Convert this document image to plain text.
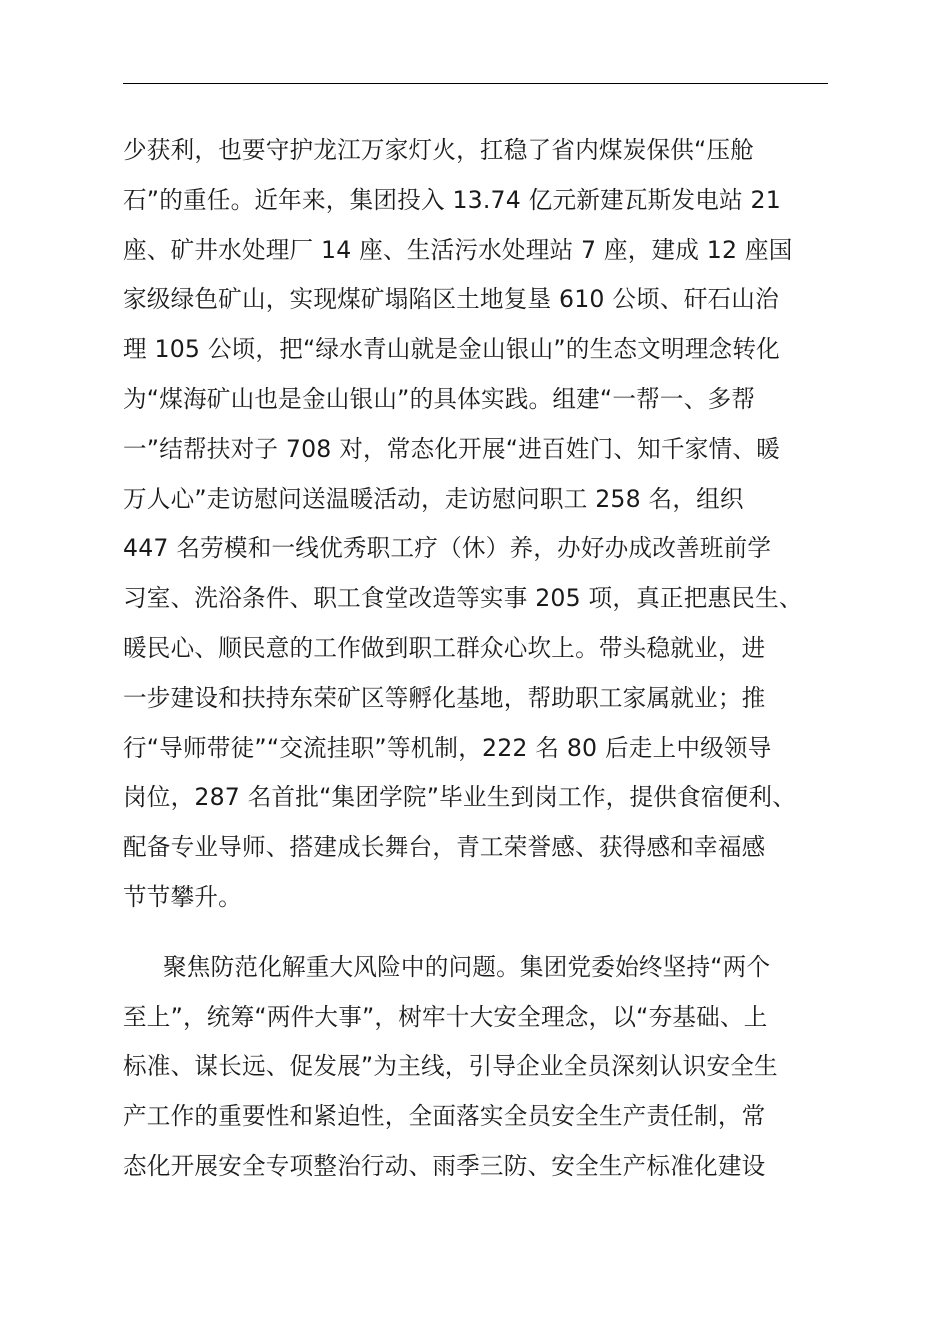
少获利，也要守护龙江万家灯火，扛稳了省内煤炭保供“压舱
石”的重任。近年来，集团投入 13.74 亿元新建瓦斯发电站 21
座、矿井水处理厂 14 座、生活污水处理站 7 座，建成 12 座国
家级绿色矿山，实现煤矿塌陷区土地复垦 610 公顷、矸石山治
理 105 公顷，把“绿水青山就是金山银山”的生态文明理念转化
为“煤海矿山也是金山银山”的具体实践。组建“一帮一、多帮
一”结帮扶对子 708 对，常态化开展“进百姓门、知千家情、暖
万人心”走访慰问送温暖活动，走访慰问职工 258 名，组织
447 名劳模和一线优秀职工疗（休）养，办好办成改善班前学
习室、洗浴条件、职工食堂改造等实事 205 项，真正把惠民生、
暖民心、顺民意的工作做到职工群众心坎上。带头稳就业，进
一步建设和扶持东荣矿区等孵化基地，帮助职工家属就业；推
行“导师带徒”“交流挂职”等机制，222 名 80 后走上中级领导
岗位，287 名首批“集团学院”毕业生到岗工作，提供食宿便利、
配备专业导师、搭建成长舞台，青工荣誉感、获得感和幸福感
节节攀升。
聚焦防范化解重大风险中的问题。集团党委始终坚持“两个
至上”，统筹“两件大事”，树牢十大安全理念，以“夯基础、上
标准、谋长远、促发展”为主线，引导企业全员深刻认识安全生
产工作的重要性和紧迫性，全面落实全员安全生产责任制，常
态化开展安全专项整治行动、雨季三防、安全生产标准化建设
